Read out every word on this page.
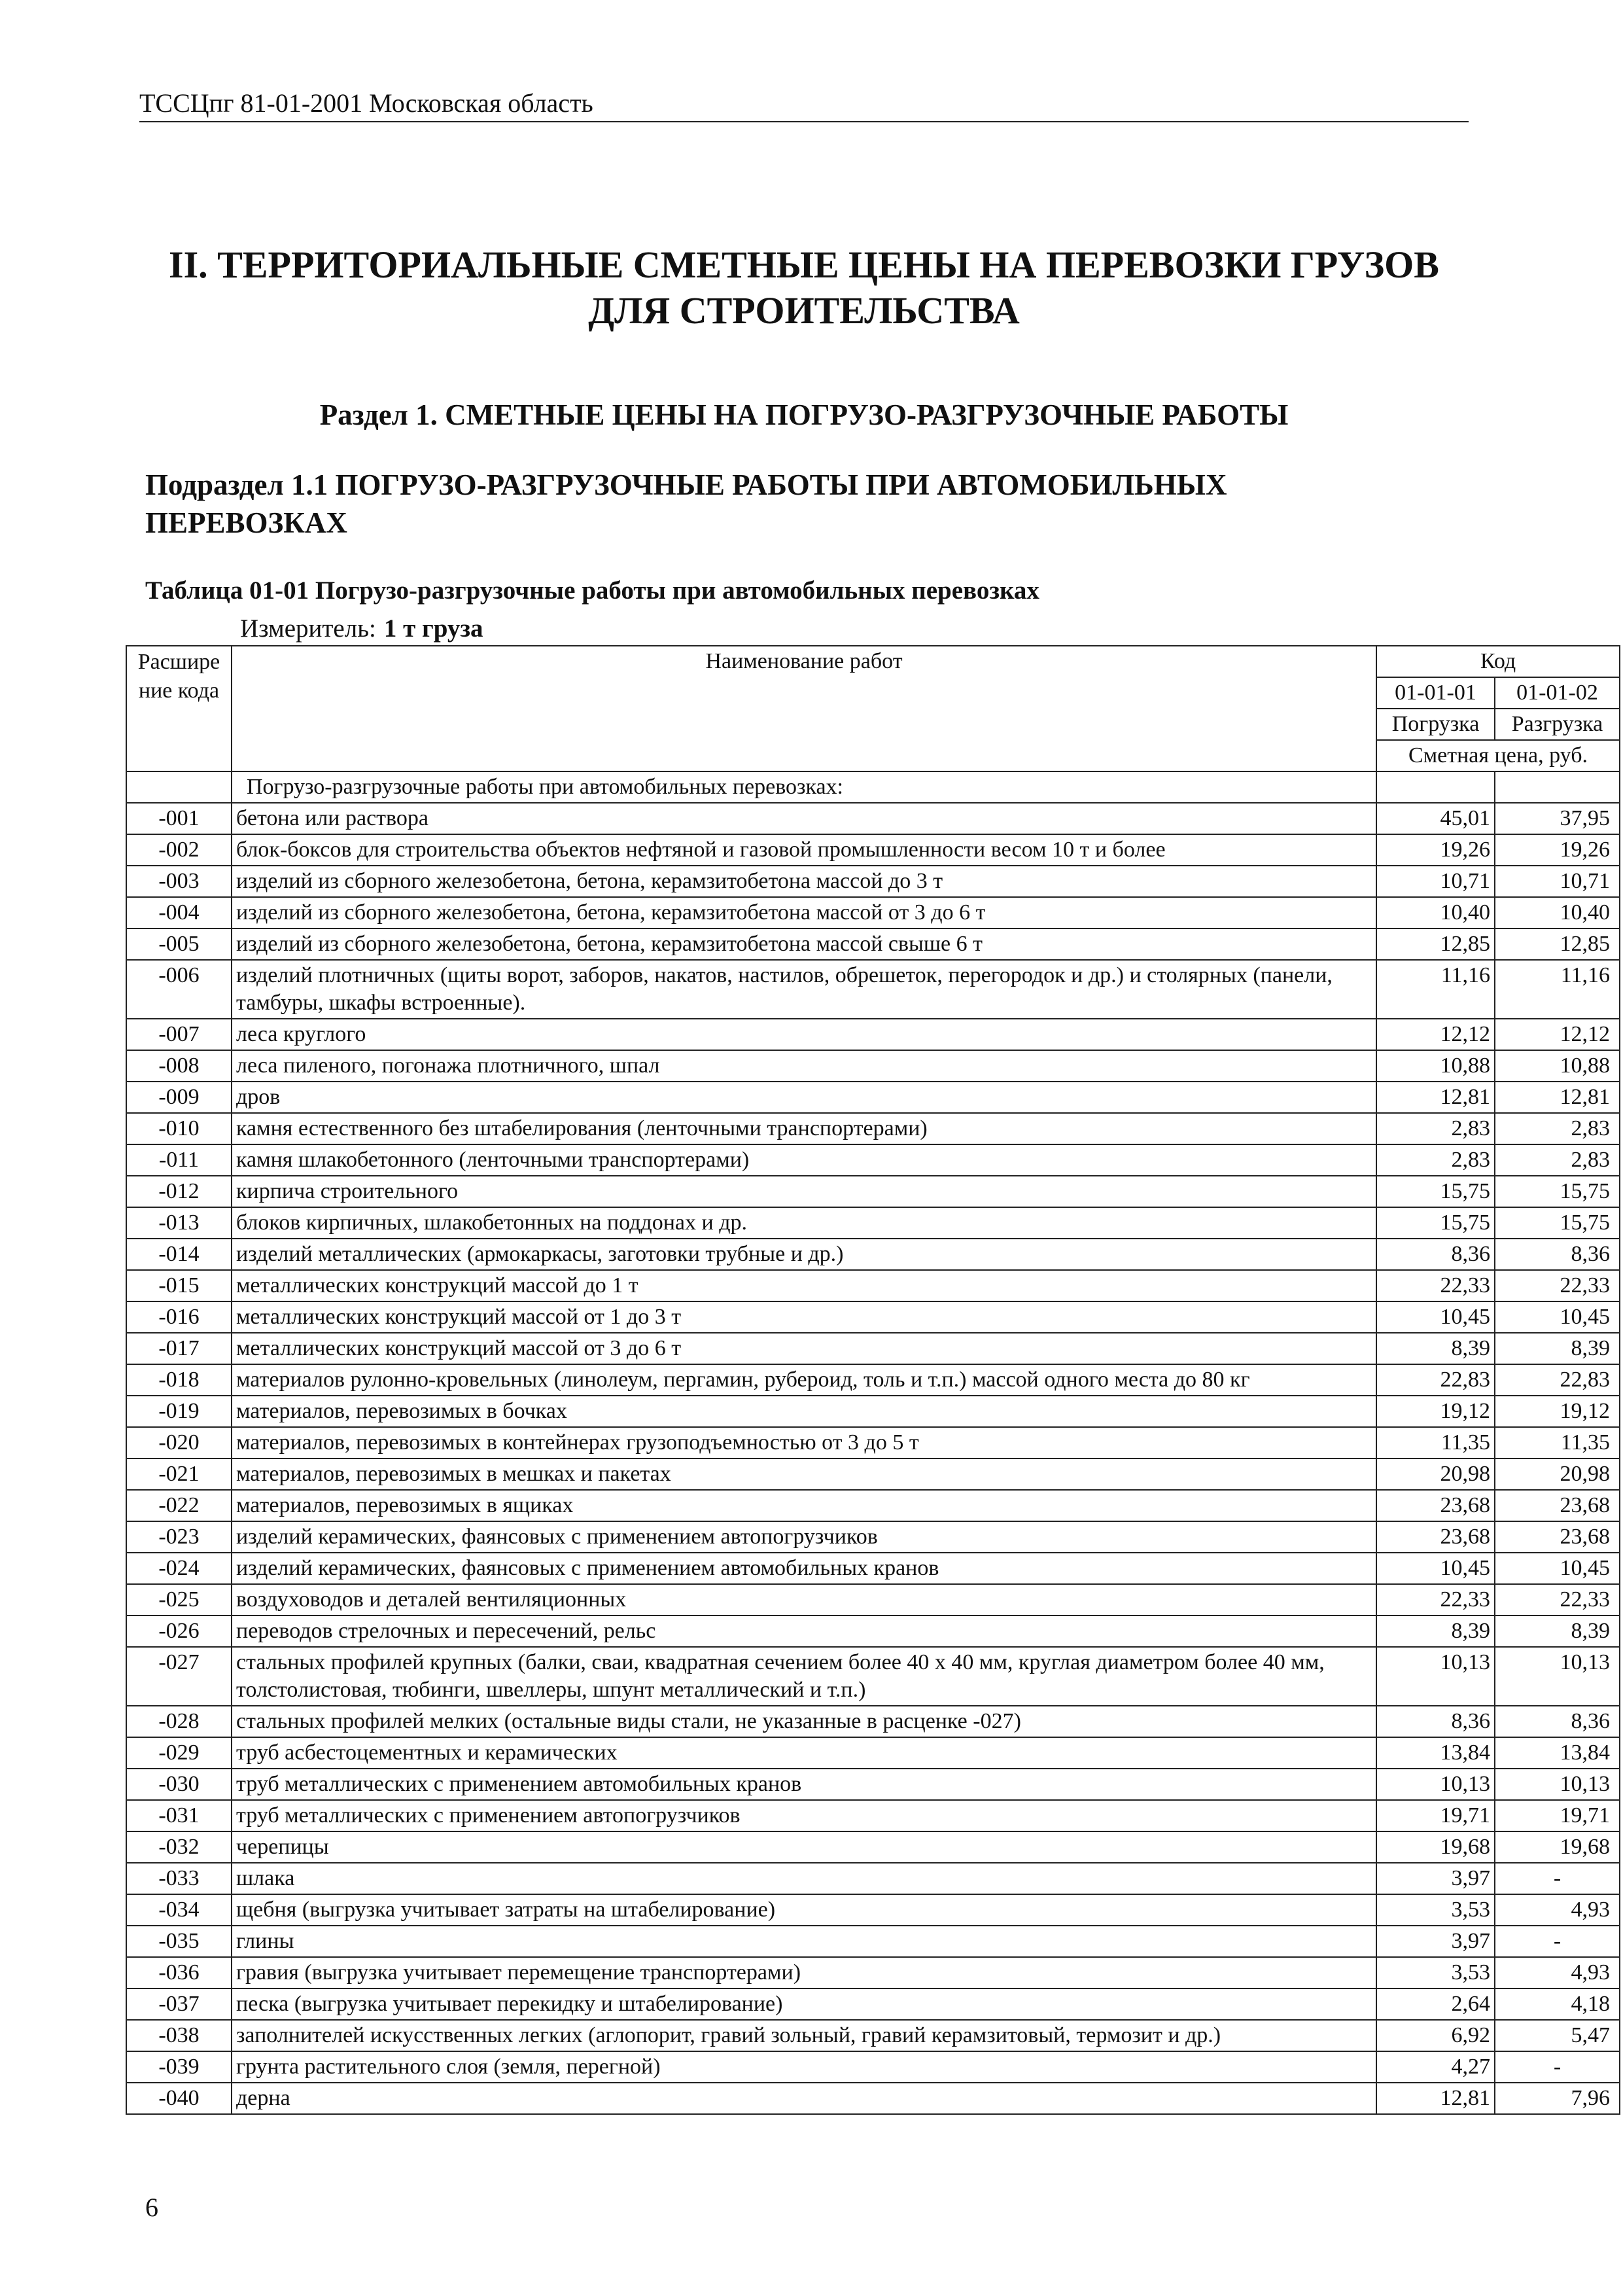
ТССЦпг 81-01-2001 Московская область
II. ТЕРРИТОРИАЛЬНЫЕ СМЕТНЫЕ ЦЕНЫ НА ПЕРЕВОЗКИ ГРУЗОВ
ДЛЯ СТРОИТЕЛЬСТВА
Раздел 1. СМЕТНЫЕ ЦЕНЫ НА ПОГРУЗО-РАЗГРУЗОЧНЫЕ РАБОТЫ
Подраздел 1.1 ПОГРУЗО-РАЗГРУЗОЧНЫЕ РАБОТЫ ПРИ АВТОМОБИЛЬНЫХ ПЕРЕВОЗКАХ
Таблица 01-01 Погрузо-разгрузочные работы при автомобильных перевозках
Измеритель: 1 т груза
Расшире ние кода	Наименование работ	Код	
		01-01-01	01-01-02
		Погрузка	Разгрузка
		Сметная цена, руб.	
	Погрузо-разгрузочные работы при автомобильных перевозках:		
-001	бетона или раствора	45,01	37,95
-002	блок-боксов для строительства объектов нефтяной и газовой промышленности весом 10 т и более	19,26	19,26
-003	изделий из сборного железобетона, бетона, керамзитобетона массой до 3 т	10,71	10,71
-004	изделий из сборного железобетона, бетона, керамзитобетона массой от 3 до 6 т	10,40	10,40
-005	изделий из сборного железобетона, бетона, керамзитобетона массой свыше 6 т	12,85	12,85
-006	изделий плотничных (щиты ворот, заборов, накатов, настилов, обрешеток, перегородок и др.) и столярных (панели, тамбуры, шкафы встроенные).	11,16	11,16
-007	леса круглого	12,12	12,12
-008	леса пиленого, погонажа плотничного, шпал	10,88	10,88
-009	дров	12,81	12,81
-010	камня естественного без штабелирования (ленточными транспортерами)	2,83	2,83
-011	камня шлакобетонного (ленточными транспортерами)	2,83	2,83
-012	кирпича строительного	15,75	15,75
-013	блоков кирпичных, шлакобетонных на поддонах и др.	15,75	15,75
-014	изделий металлических (армокаркасы, заготовки трубные и др.)	8,36	8,36
-015	металлических конструкций массой до 1 т	22,33	22,33
-016	металлических конструкций массой от 1 до 3 т	10,45	10,45
-017	металлических конструкций массой от 3 до 6 т	8,39	8,39
-018	материалов рулонно-кровельных (линолеум, пергамин, рубероид, толь и т.п.) массой одного места до 80 кг	22,83	22,83
-019	материалов, перевозимых в бочках	19,12	19,12
-020	материалов, перевозимых в контейнерах грузоподъемностью от 3 до 5 т	11,35	11,35
-021	материалов, перевозимых в мешках и пакетах	20,98	20,98
-022	материалов, перевозимых в ящиках	23,68	23,68
-023	изделий керамических, фаянсовых с применением автопогрузчиков	23,68	23,68
-024	изделий керамических, фаянсовых с применением автомобильных кранов	10,45	10,45
-025	воздуховодов и деталей вентиляционных	22,33	22,33
-026	переводов стрелочных и пересечений, рельс	8,39	8,39
-027	стальных профилей крупных (балки, сваи, квадратная сечением более 40 х 40 мм, круглая диаметром более 40 мм, толстолистовая, тюбинги, швеллеры, шпунт металлический и т.п.)	10,13	10,13
-028	стальных профилей мелких (остальные виды стали, не указанные в расценке -027)	8,36	8,36
-029	труб асбестоцементных и керамических	13,84	13,84
-030	труб металлических с применением автомобильных кранов	10,13	10,13
-031	труб металлических с применением автопогрузчиков	19,71	19,71
-032	черепицы	19,68	19,68
-033	шлака	3,97	-
-034	щебня (выгрузка учитывает затраты на штабелирование)	3,53	4,93
-035	глины	3,97	-
-036	гравия (выгрузка учитывает перемещение транспортерами)	3,53	4,93
-037	песка (выгрузка учитывает перекидку и штабелирование)	2,64	4,18
-038	заполнителей искусственных легких (аглопорит, гравий зольный, гравий керамзитовый, термозит и др.)	6,92	5,47
-039	грунта растительного слоя (земля, перегной)	4,27	-
-040	дерна	12,81	7,96
6
